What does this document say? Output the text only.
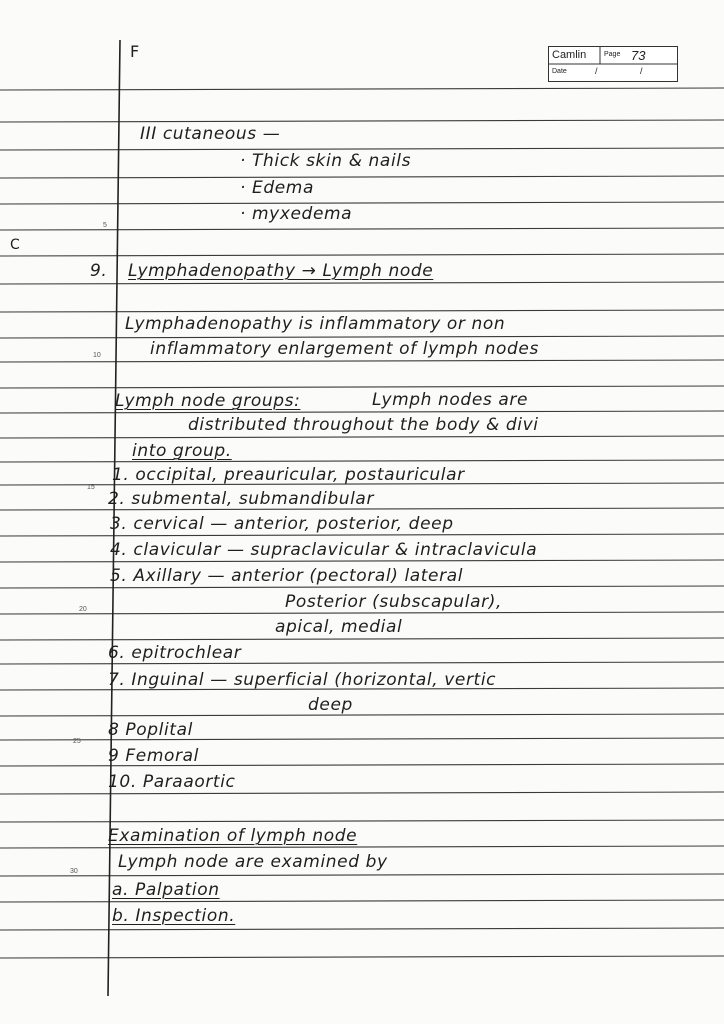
F	Camlin	Page 73
Date	/ /
C
5
10
15
20
25
30
III cutaneous —
· Thick skin & nails
· Edema
· myxedema
9. Lymphadenopathy → Lymph node
Lymphadenopathy is inflammatory or non
inflammatory enlargement of lymph nodes
Lymph node groups:	Lymph nodes are
distributed throughout the body & divi
into group.
1. occipital, preauricular, postauricular
2. submental, submandibular
3. cervical — anterior, posterior, deep
4. clavicular — supraclavicular & intraclavicula
5. Axillary — anterior (pectoral) lateral
Posterior (subscapular),
apical, medial
6. epitrochlear
7. Inguinal — superficial (horizontal, vertic
deep
8 Poplital
9 Femoral
10. Paraaortic
Examination of lymph node
Lymph node are examined by
a. Palpation
b. Inspection.
